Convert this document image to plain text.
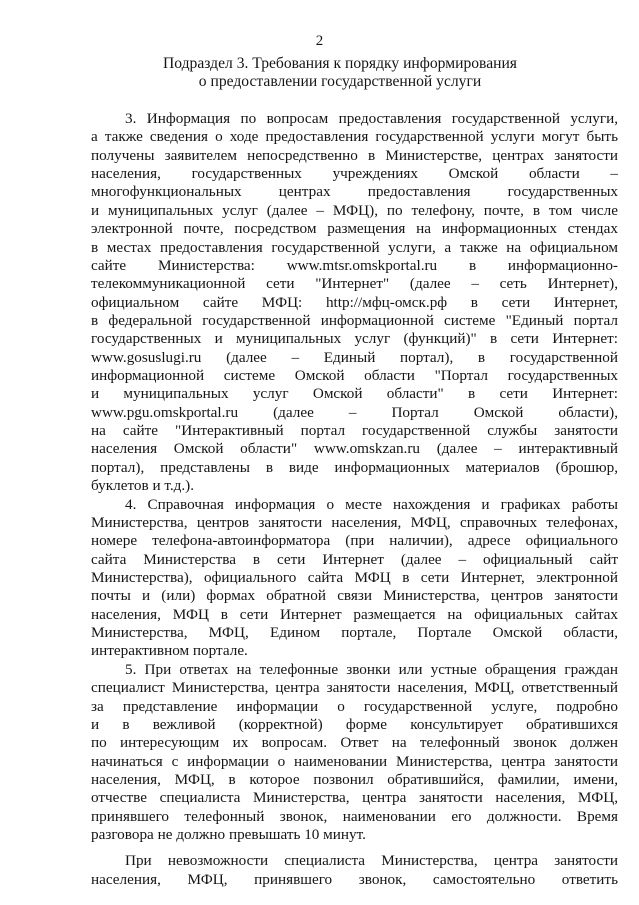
2
Подраздел 3. Требования к порядку информирования
о предоставлении государственной услуги
3. Информация по вопросам предоставления государственной услуги,
а также сведения о ходе предоставления государственной услуги могут быть
получены заявителем непосредственно в Министерстве, центрах занятости
населения, государственных учреждениях Омской области –
многофункциональных центрах предоставления государственных
и муниципальных услуг (далее – МФЦ), по телефону, почте, в том числе
электронной почте, посредством размещения на информационных стендах
в местах предоставления государственной услуги, а также на официальном
сайте Министерства: www.mtsr.omskportal.ru в информационно-
телекоммуникационной сети "Интернет" (далее – сеть Интернет),
официальном сайте МФЦ: http://мфц-омск.рф в сети Интернет,
в федеральной государственной информационной системе "Единый портал
государственных и муниципальных услуг (функций)" в сети Интернет:
www.gosuslugi.ru (далее – Единый портал), в государственной
информационной системе Омской области "Портал государственных
и муниципальных услуг Омской области" в сети Интернет:
www.pgu.omskportal.ru (далее – Портал Омской области),
на сайте "Интерактивный портал государственной службы занятости
населения Омской области" www.omskzan.ru (далее – интерактивный
портал), представлены в виде информационных материалов (брошюр,
буклетов и т.д.).
4. Справочная информация о месте нахождения и графиках работы
Министерства, центров занятости населения, МФЦ, справочных телефонах,
номере телефона-автоинформатора (при наличии), адресе официального
сайта Министерства в сети Интернет (далее – официальный сайт
Министерства), официального сайта МФЦ в сети Интернет, электронной
почты и (или) формах обратной связи Министерства, центров занятости
населения, МФЦ в сети Интернет размещается на официальных сайтах
Министерства, МФЦ, Едином портале, Портале Омской области,
интерактивном портале.
5. При ответах на телефонные звонки или устные обращения граждан
специалист Министерства, центра занятости населения, МФЦ, ответственный
за представление информации о государственной услуге, подробно
и в вежливой (корректной) форме консультирует обратившихся
по интересующим их вопросам. Ответ на телефонный звонок должен
начинаться с информации о наименовании Министерства, центра занятости
населения, МФЦ, в которое позвонил обратившийся, фамилии, имени,
отчестве специалиста Министерства, центра занятости населения, МФЦ,
принявшего телефонный звонок, наименовании его должности. Время
разговора не должно превышать 10 минут.
При невозможности специалиста Министерства, центра занятости
населения, МФЦ, принявшего звонок, самостоятельно ответить
